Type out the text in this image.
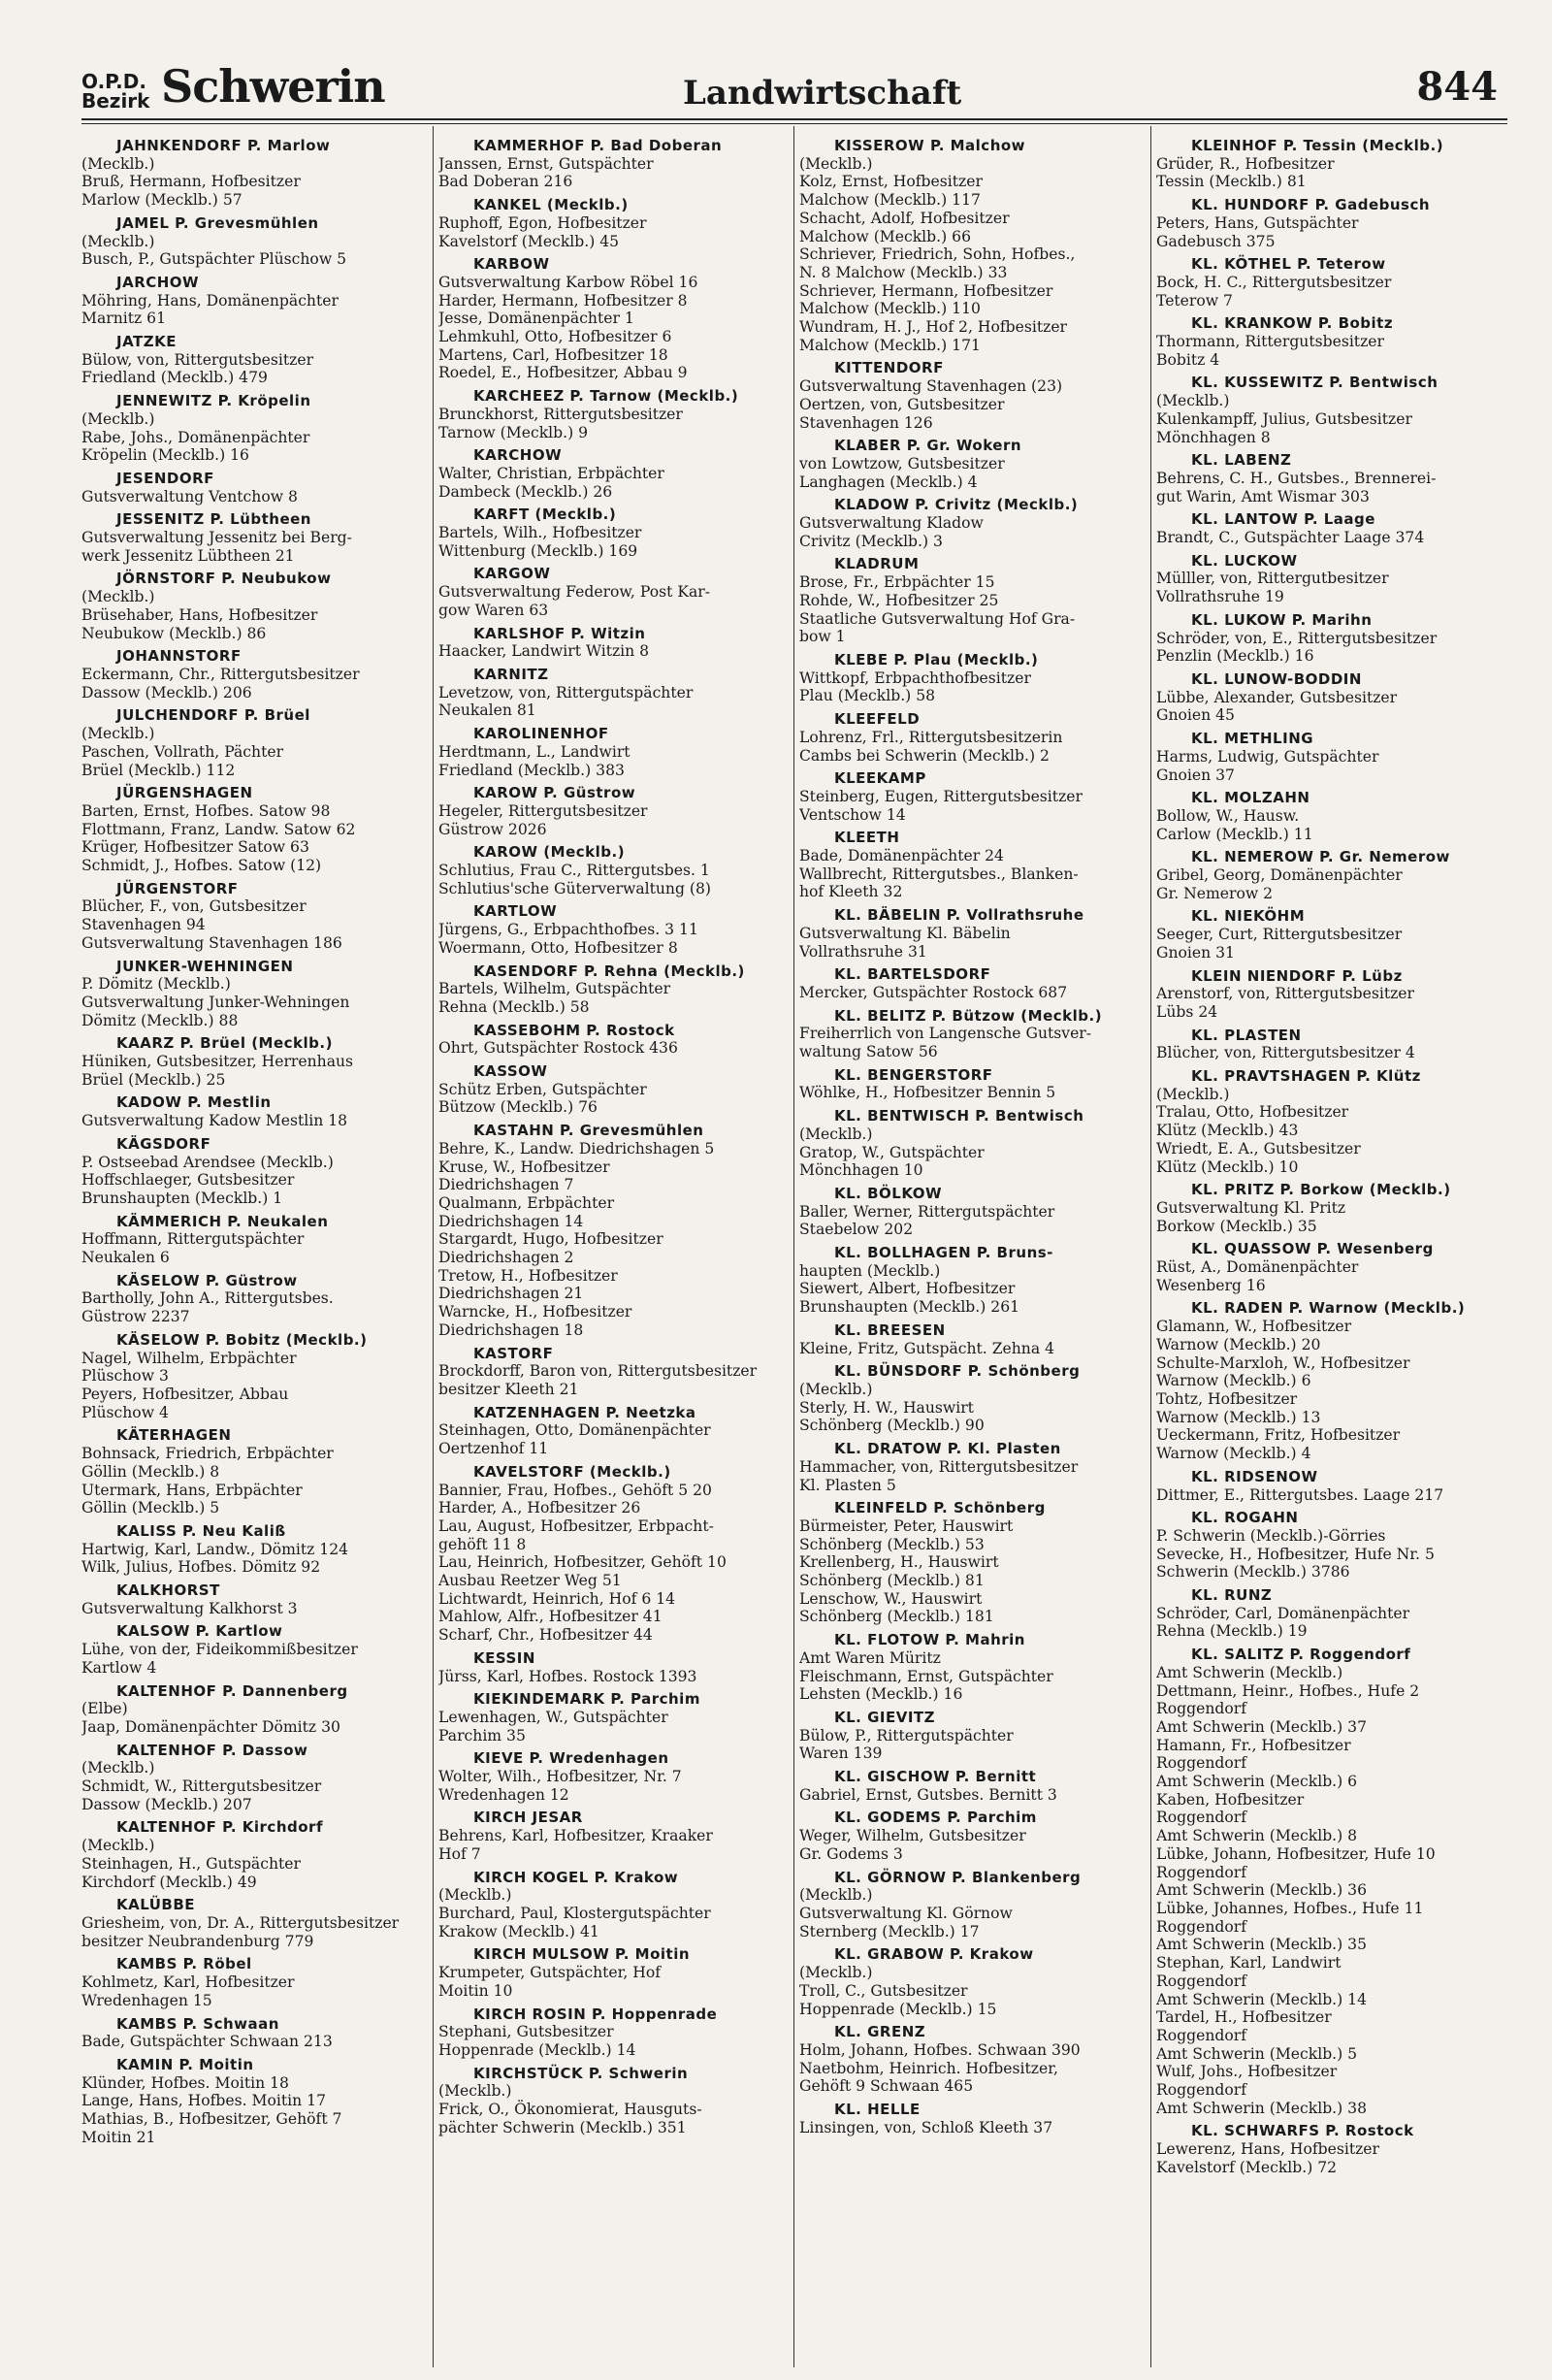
O.P.D.
Bezirk Schwerin	Landwirtschaft	844
JAHNKENDORF P. Marlow
(Mecklb.)
Bruß, Hermann, Hofbesitzer
Marlow (Mecklb.) 57
JAMEL P. Grevesmühlen
(Mecklb.)
Busch, P., Gutspächter Plüschow 5
JARCHOW
Möhring, Hans, Domänenpächter
Marnitz 61
JATZKE
Bülow, von, Rittergutsbesitzer
Friedland (Mecklb.) 479
JENNEWITZ P. Kröpelin
(Mecklb.)
Rabe, Johs., Domänenpächter
Kröpelin (Mecklb.) 16
JESENDORF
Gutsverwaltung Ventchow 8
JESSENITZ P. Lübtheen
Gutsverwaltung Jessenitz bei Berg-
werk Jessenitz Lübtheen 21
JÖRNSTORF P. Neubukow
(Mecklb.)
Brüsehaber, Hans, Hofbesitzer
Neubukow (Mecklb.) 86
JOHANNSTORF
Eckermann, Chr., Rittergutsbesitzer
Dassow (Mecklb.) 206
JULCHENDORF P. Brüel
(Mecklb.)
Paschen, Vollrath, Pächter
Brüel (Mecklb.) 112
JÜRGENSHAGEN
Barten, Ernst, Hofbes. Satow 98
Flottmann, Franz, Landw. Satow 62
Krüger, Hofbesitzer Satow 63
Schmidt, J., Hofbes. Satow (12)
JÜRGENSTORF
Blücher, F., von, Gutsbesitzer
Stavenhagen 94
Gutsverwaltung Stavenhagen 186
JUNKER-WEHNINGEN
P. Dömitz (Mecklb.)
Gutsverwaltung Junker-Wehningen
Dömitz (Mecklb.) 88
KAARZ P. Brüel (Mecklb.)
Hüniken, Gutsbesitzer, Herrenhaus
Brüel (Mecklb.) 25
KADOW P. Mestlin
Gutsverwaltung Kadow Mestlin 18
KÄGSDORF
P. Ostseebad Arendsee (Mecklb.)
Hoffschlaeger, Gutsbesitzer
Brunshaupten (Mecklb.) 1
KÄMMERICH P. Neukalen
Hoffmann, Rittergutspächter
Neukalen 6
KÄSELOW P. Güstrow
Bartholly, John A., Rittergutsbes.
Güstrow 2237
KÄSELOW P. Bobitz (Mecklb.)
Nagel, Wilhelm, Erbpächter
Plüschow 3
Peyers, Hofbesitzer, Abbau
Plüschow 4
KÄTERHAGEN
Bohnsack, Friedrich, Erbpächter
Göllin (Mecklb.) 8
Utermark, Hans, Erbpächter
Göllin (Mecklb.) 5
KALISS P. Neu Kaliß
Hartwig, Karl, Landw., Dömitz 124
Wilk, Julius, Hofbes. Dömitz 92
KALKHORST
Gutsverwaltung Kalkhorst 3
KALSOW P. Kartlow
Lühe, von der, Fideikommißbesitzer
Kartlow 4
KALTENHOF P. Dannenberg
(Elbe)
Jaap, Domänenpächter Dömitz 30
KALTENHOF P. Dassow
(Mecklb.)
Schmidt, W., Rittergutsbesitzer
Dassow (Mecklb.) 207
KALTENHOF P. Kirchdorf
(Mecklb.)
Steinhagen, H., Gutspächter
Kirchdorf (Mecklb.) 49
KALÜBBE
Griesheim, von, Dr. A., Rittergutsbesitzer
besitzer Neubrandenburg 779
KAMBS P. Röbel
Kohlmetz, Karl, Hofbesitzer
Wredenhagen 15
KAMBS P. Schwaan
Bade, Gutspächter Schwaan 213
KAMIN P. Moitin
Klünder, Hofbes. Moitin 18
Lange, Hans, Hofbes. Moitin 17
Mathias, B., Hofbesitzer, Gehöft 7
Moitin 21
KAMMERHOF P. Bad Doberan
Janssen, Ernst, Gutspächter
Bad Doberan 216
KANKEL (Mecklb.)
Ruphoff, Egon, Hofbesitzer
Kavelstorf (Mecklb.) 45
KARBOW
Gutsverwaltung Karbow Röbel 16
Harder, Hermann, Hofbesitzer 8
Jesse, Domänenpächter 1
Lehmkuhl, Otto, Hofbesitzer 6
Martens, Carl, Hofbesitzer 18
Roedel, E., Hofbesitzer, Abbau 9
KARCHEEZ P. Tarnow (Mecklb.)
Brunckhorst, Rittergutsbesitzer
Tarnow (Mecklb.) 9
KARCHOW
Walter, Christian, Erbpächter
Dambeck (Mecklb.) 26
KARFT (Mecklb.)
Bartels, Wilh., Hofbesitzer
Wittenburg (Mecklb.) 169
KARGOW
Gutsverwaltung Federow, Post Kar-
gow Waren 63
KARLSHOF P. Witzin
Haacker, Landwirt Witzin 8
KARNITZ
Levetzow, von, Rittergutspächter
Neukalen 81
KAROLINENHOF
Herdtmann, L., Landwirt
Friedland (Mecklb.) 383
KAROW P. Güstrow
Hegeler, Rittergutsbesitzer
Güstrow 2026
KAROW (Mecklb.)
Schlutius, Frau C., Rittergutsbes. 1
Schlutius'sche Güterverwaltung (8)
KARTLOW
Jürgens, G., Erbpachthofbes. 3 11
Woermann, Otto, Hofbesitzer 8
KASENDORF P. Rehna (Mecklb.)
Bartels, Wilhelm, Gutspächter
Rehna (Mecklb.) 58
KASSEBOHM P. Rostock
Ohrt, Gutspächter Rostock 436
KASSOW
Schütz Erben, Gutspächter
Bützow (Mecklb.) 76
KASTAHN P. Grevesmühlen
Behre, K., Landw. Diedrichshagen 5
Kruse, W., Hofbesitzer
Diedrichshagen 7
Qualmann, Erbpächter
Diedrichshagen 14
Stargardt, Hugo, Hofbesitzer
Diedrichshagen 2
Tretow, H., Hofbesitzer
Diedrichshagen 21
Warncke, H., Hofbesitzer
Diedrichshagen 18
KASTORF
Brockdorff, Baron von, Rittergutsbesitzer
besitzer Kleeth 21
KATZENHAGEN P. Neetzka
Steinhagen, Otto, Domänenpächter
Oertzenhof 11
KAVELSTORF (Mecklb.)
Bannier, Frau, Hofbes., Gehöft 5 20
Harder, A., Hofbesitzer 26
Lau, August, Hofbesitzer, Erbpacht-
gehöft 11 8
Lau, Heinrich, Hofbesitzer, Gehöft 10
Ausbau Reetzer Weg 51
Lichtwardt, Heinrich, Hof 6 14
Mahlow, Alfr., Hofbesitzer 41
Scharf, Chr., Hofbesitzer 44
KESSIN
Jürss, Karl, Hofbes. Rostock 1393
KIEKINDEMARK P. Parchim
Lewenhagen, W., Gutspächter
Parchim 35
KIEVE P. Wredenhagen
Wolter, Wilh., Hofbesitzer, Nr. 7
Wredenhagen 12
KIRCH JESAR
Behrens, Karl, Hofbesitzer, Kraaker
Hof 7
KIRCH KOGEL P. Krakow
(Mecklb.)
Burchard, Paul, Klostergutspächter
Krakow (Mecklb.) 41
KIRCH MULSOW P. Moitin
Krumpeter, Gutspächter, Hof
Moitin 10
KIRCH ROSIN P. Hoppenrade
Stephani, Gutsbesitzer
Hoppenrade (Mecklb.) 14
KIRCHSTÜCK P. Schwerin
(Mecklb.)
Frick, O., Ökonomierat, Hausguts-
pächter Schwerin (Mecklb.) 351
KISSEROW P. Malchow
(Mecklb.)
Kolz, Ernst, Hofbesitzer
Malchow (Mecklb.) 117
Schacht, Adolf, Hofbesitzer
Malchow (Mecklb.) 66
Schriever, Friedrich, Sohn, Hofbes.,
N. 8 Malchow (Mecklb.) 33
Schriever, Hermann, Hofbesitzer
Malchow (Mecklb.) 110
Wundram, H. J., Hof 2, Hofbesitzer
Malchow (Mecklb.) 171
KITTENDORF
Gutsverwaltung Stavenhagen (23)
Oertzen, von, Gutsbesitzer
Stavenhagen 126
KLABER P. Gr. Wokern
von Lowtzow, Gutsbesitzer
Langhagen (Mecklb.) 4
KLADOW P. Crivitz (Mecklb.)
Gutsverwaltung Kladow
Crivitz (Mecklb.) 3
KLADRUM
Brose, Fr., Erbpächter 15
Rohde, W., Hofbesitzer 25
Staatliche Gutsverwaltung Hof Gra-
bow 1
KLEBE P. Plau (Mecklb.)
Wittkopf, Erbpachthofbesitzer
Plau (Mecklb.) 58
KLEEFELD
Lohrenz, Frl., Rittergutsbesitzerin
Cambs bei Schwerin (Mecklb.) 2
KLEEKAMP
Steinberg, Eugen, Rittergutsbesitzer
Ventschow 14
KLEETH
Bade, Domänenpächter 24
Wallbrecht, Rittergutsbes., Blanken-
hof Kleeth 32
KL. BÄBELIN P. Vollrathsruhe
Gutsverwaltung Kl. Bäbelin
Vollrathsruhe 31
KL. BARTELSDORF
Mercker, Gutspächter Rostock 687
KL. BELITZ P. Bützow (Mecklb.)
Freiherrlich von Langensche Gutsver-
waltung Satow 56
KL. BENGERSTORF
Wöhlke, H., Hofbesitzer Bennin 5
KL. BENTWISCH P. Bentwisch
(Mecklb.)
Gratop, W., Gutspächter
Mönchhagen 10
KL. BÖLKOW
Baller, Werner, Rittergutspächter
Staebelow 202
KL. BOLLHAGEN P. Bruns-
haupten (Mecklb.)
Siewert, Albert, Hofbesitzer
Brunshaupten (Mecklb.) 261
KL. BREESEN
Kleine, Fritz, Gutspächt. Zehna 4
KL. BÜNSDORF P. Schönberg
(Mecklb.)
Sterly, H. W., Hauswirt
Schönberg (Mecklb.) 90
KL. DRATOW P. Kl. Plasten
Hammacher, von, Rittergutsbesitzer
Kl. Plasten 5
KLEINFELD P. Schönberg
Bürmeister, Peter, Hauswirt
Schönberg (Mecklb.) 53
Krellenberg, H., Hauswirt
Schönberg (Mecklb.) 81
Lenschow, W., Hauswirt
Schönberg (Mecklb.) 181
KL. FLOTOW P. Mahrin
Amt Waren Müritz
Fleischmann, Ernst, Gutspächter
Lehsten (Mecklb.) 16
KL. GIEVITZ
Bülow, P., Rittergutspächter
Waren 139
KL. GISCHOW P. Bernitt
Gabriel, Ernst, Gutsbes. Bernitt 3
KL. GODEMS P. Parchim
Weger, Wilhelm, Gutsbesitzer
Gr. Godems 3
KL. GÖRNOW P. Blankenberg
(Mecklb.)
Gutsverwaltung Kl. Görnow
Sternberg (Mecklb.) 17
KL. GRABOW P. Krakow
(Mecklb.)
Troll, C., Gutsbesitzer
Hoppenrade (Mecklb.) 15
KL. GRENZ
Holm, Johann, Hofbes. Schwaan 390
Naetbohm, Heinrich. Hofbesitzer,
Gehöft 9 Schwaan 465
KL. HELLE
Linsingen, von, Schloß Kleeth 37
KLEINHOF P. Tessin (Mecklb.)
Grüder, R., Hofbesitzer
Tessin (Mecklb.) 81
KL. HUNDORF P. Gadebusch
Peters, Hans, Gutspächter
Gadebusch 375
KL. KÖTHEL P. Teterow
Bock, H. C., Rittergutsbesitzer
Teterow 7
KL. KRANKOW P. Bobitz
Thormann, Rittergutsbesitzer
Bobitz 4
KL. KUSSEWITZ P. Bentwisch
(Mecklb.)
Kulenkampff, Julius, Gutsbesitzer
Mönchhagen 8
KL. LABENZ
Behrens, C. H., Gutsbes., Brennerei-
gut Warin, Amt Wismar 303
KL. LANTOW P. Laage
Brandt, C., Gutspächter Laage 374
KL. LUCKOW
Mülller, von, Rittergutbesitzer
Vollrathsruhe 19
KL. LUKOW P. Marihn
Schröder, von, E., Rittergutsbesitzer
Penzlin (Mecklb.) 16
KL. LUNOW-BODDIN
Lübbe, Alexander, Gutsbesitzer
Gnoien 45
KL. METHLING
Harms, Ludwig, Gutspächter
Gnoien 37
KL. MOLZAHN
Bollow, W., Hausw.
Carlow (Mecklb.) 11
KL. NEMEROW P. Gr. Nemerow
Gribel, Georg, Domänenpächter
Gr. Nemerow 2
KL. NIEKÖHM
Seeger, Curt, Rittergutsbesitzer
Gnoien 31
KLEIN NIENDORF P. Lübz
Arenstorf, von, Rittergutsbesitzer
Lübs 24
KL. PLASTEN
Blücher, von, Rittergutsbesitzer 4
KL. PRAVTSHAGEN P. Klütz
(Mecklb.)
Tralau, Otto, Hofbesitzer
Klütz (Mecklb.) 43
Wriedt, E. A., Gutsbesitzer
Klütz (Mecklb.) 10
KL. PRITZ P. Borkow (Mecklb.)
Gutsverwaltung Kl. Pritz
Borkow (Mecklb.) 35
KL. QUASSOW P. Wesenberg
Rüst, A., Domänenpächter
Wesenberg 16
KL. RADEN P. Warnow (Mecklb.)
Glamann, W., Hofbesitzer
Warnow (Mecklb.) 20
Schulte-Marxloh, W., Hofbesitzer
Warnow (Mecklb.) 6
Tohtz, Hofbesitzer
Warnow (Mecklb.) 13
Ueckermann, Fritz, Hofbesitzer
Warnow (Mecklb.) 4
KL. RIDSENOW
Dittmer, E., Rittergutsbes. Laage 217
KL. ROGAHN
P. Schwerin (Mecklb.)-Görries
Sevecke, H., Hofbesitzer, Hufe Nr. 5
Schwerin (Mecklb.) 3786
KL. RUNZ
Schröder, Carl, Domänenpächter
Rehna (Mecklb.) 19
KL. SALITZ P. Roggendorf
Amt Schwerin (Mecklb.)
Dettmann, Heinr., Hofbes., Hufe 2
Roggendorf
Amt Schwerin (Mecklb.) 37
Hamann, Fr., Hofbesitzer
Roggendorf
Amt Schwerin (Mecklb.) 6
Kaben, Hofbesitzer
Roggendorf
Amt Schwerin (Mecklb.) 8
Lübke, Johann, Hofbesitzer, Hufe 10
Roggendorf
Amt Schwerin (Mecklb.) 36
Lübke, Johannes, Hofbes., Hufe 11
Roggendorf
Amt Schwerin (Mecklb.) 35
Stephan, Karl, Landwirt
Roggendorf
Amt Schwerin (Mecklb.) 14
Tardel, H., Hofbesitzer
Roggendorf
Amt Schwerin (Mecklb.) 5
Wulf, Johs., Hofbesitzer
Roggendorf
Amt Schwerin (Mecklb.) 38
KL. SCHWARFS P. Rostock
Lewerenz, Hans, Hofbesitzer
Kavelstorf (Mecklb.) 72
